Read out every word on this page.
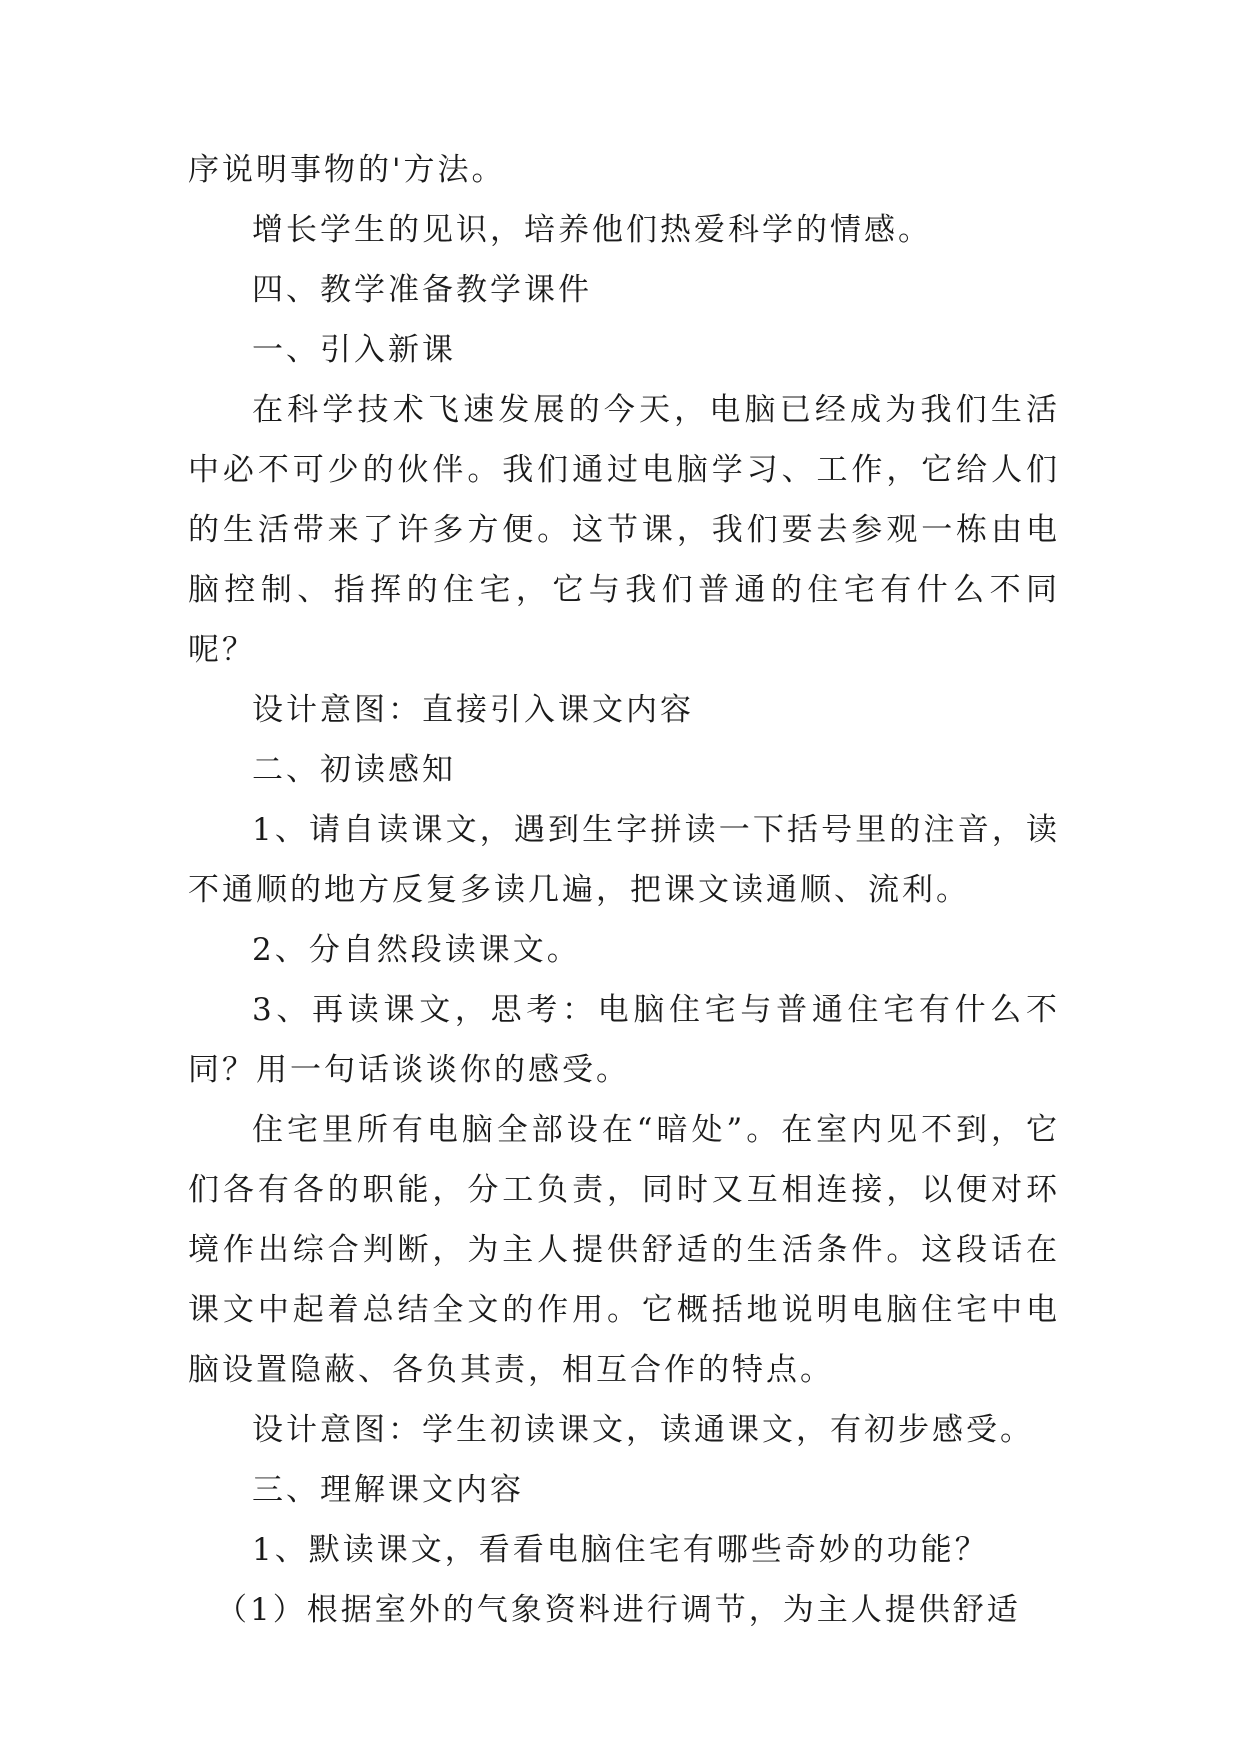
序说明事物的'方法。

增长学生的见识，培养他们热爱科学的情感。

四、教学准备教学课件

一、引入新课

在科学技术飞速发展的今天，电脑已经成为我们生活中必不可少的伙伴。我们通过电脑学习、工作，它给人们的生活带来了许多方便。这节课，我们要去参观一栋由电脑控制、指挥的住宅，它与我们普通的住宅有什么不同呢？

设计意图：直接引入课文内容

二、初读感知

1、请自读课文，遇到生字拼读一下括号里的注音，读不通顺的地方反复多读几遍，把课文读通顺、流利。

2、分自然段读课文。

3、再读课文，思考：电脑住宅与普通住宅有什么不同？用一句话谈谈你的感受。

住宅里所有电脑全部设在“暗处”。在室内见不到，它们各有各的职能，分工负责，同时又互相连接，以便对环境作出综合判断，为主人提供舒适的生活条件。这段话在课文中起着总结全文的作用。它概括地说明电脑住宅中电脑设置隐蔽、各负其责，相互合作的特点。

设计意图：学生初读课文，读通课文，有初步感受。

三、理解课文内容

1、默读课文，看看电脑住宅有哪些奇妙的功能？

（1）根据室外的气象资料进行调节，为主人提供舒适
